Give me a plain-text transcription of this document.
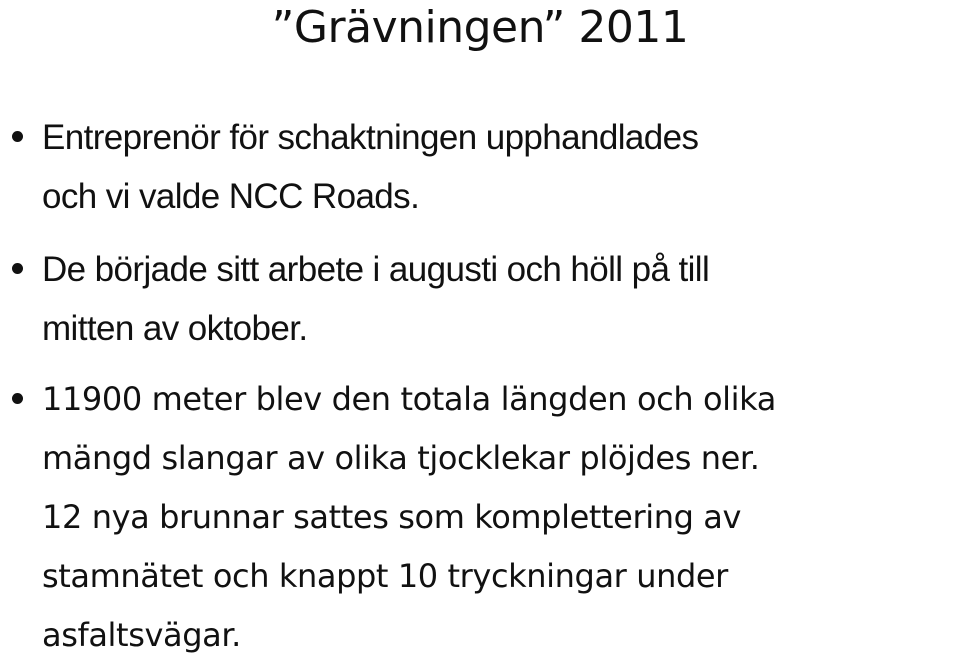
”Grävningen” 2011
Entreprenör för schaktningen upphandlades
och vi valde NCC Roads.
De började sitt arbete i augusti och höll på till
mitten av oktober.
11900 meter blev den totala längden och olika
mängd slangar av olika tjocklekar plöjdes ner.
12 nya brunnar sattes som komplettering av
stamnätet och knappt 10 tryckningar under
asfaltsvägar.
